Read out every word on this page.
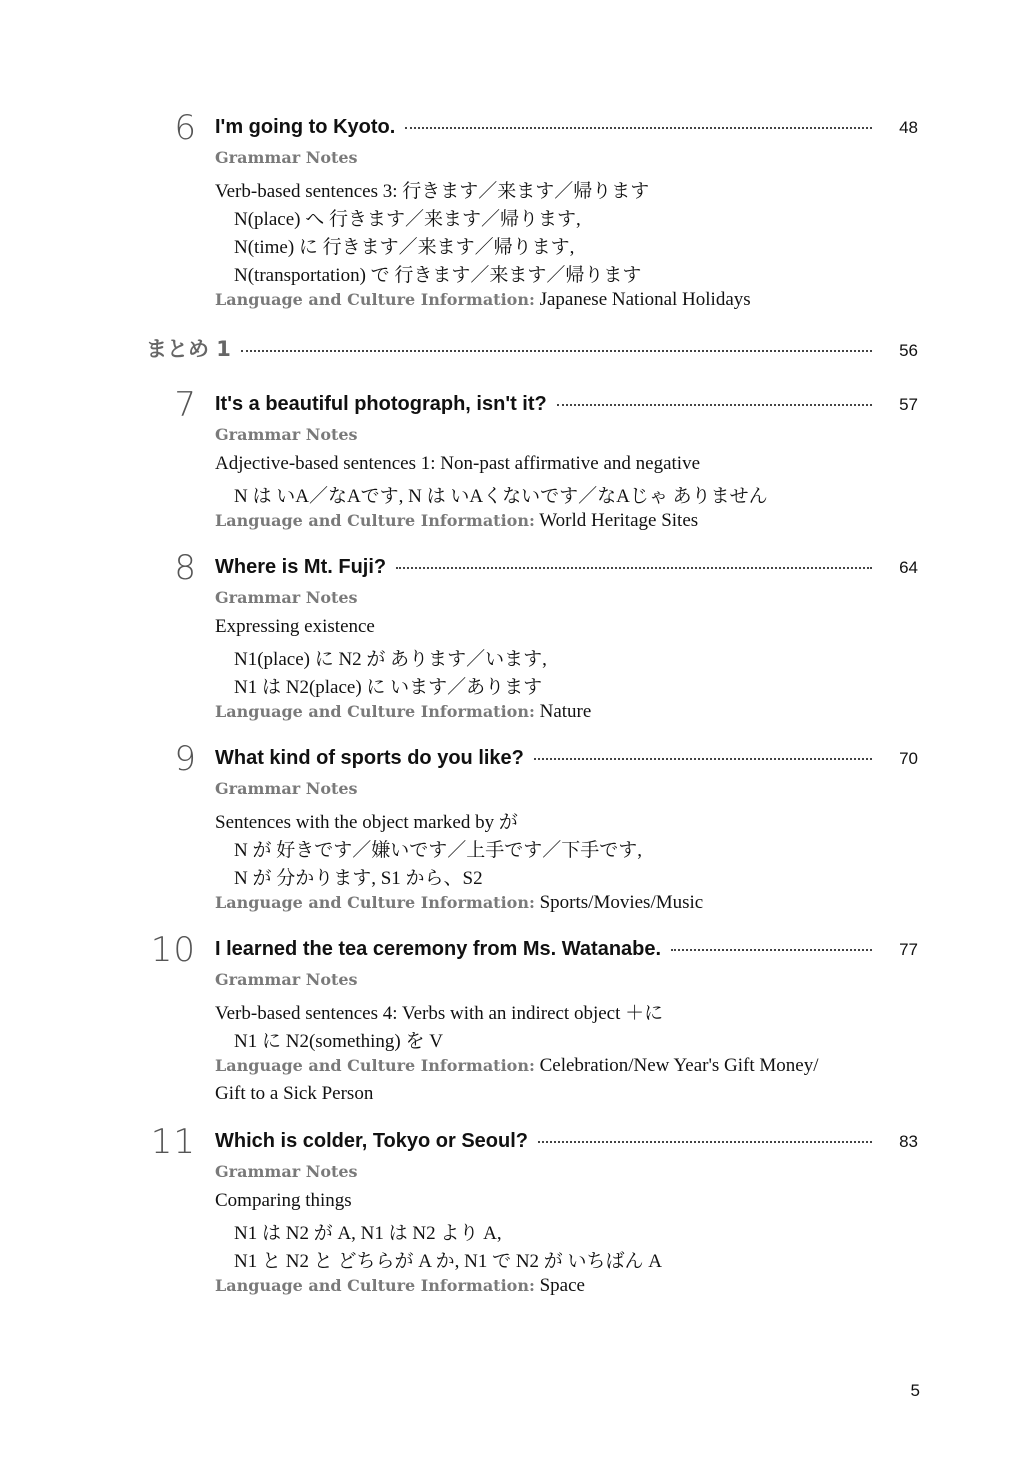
6 I'm going to Kyoto.	48
Grammar Notes
Verb-based sentences 3: 行きます／来ます／帰ります
N(place) へ 行きます／来ます／帰ります,
N(time) に 行きます／来ます／帰ります,
N(transportation) で 行きます／来ます／帰ります
Language and Culture Information: Japanese National Holidays
まとめ 1	56
7 It's a beautiful photograph, isn't it?	57
Grammar Notes
Adjective-based sentences 1: Non-past affirmative and negative
N は いA／なAです, N は いAくないです／なAじゃ ありません
Language and Culture Information: World Heritage Sites
8 Where is Mt. Fuji?	64
Grammar Notes
Expressing existence
N1(place) に N2 が あります／います,
N1 は N2(place) に います／あります
Language and Culture Information: Nature
9 What kind of sports do you like?	70
Grammar Notes
Sentences with the object marked by が
N が 好きです／嫌いです／上手です／下手です,
N が 分かります, S1 から、S2
Language and Culture Information: Sports/Movies/Music
10 I learned the tea ceremony from Ms. Watanabe.	77
Grammar Notes
Verb-based sentences 4: Verbs with an indirect object ＋に
N1 に N2(something) を V
Language and Culture Information: Celebration/New Year's Gift Money/
Gift to a Sick Person
11 Which is colder, Tokyo or Seoul?	83
Grammar Notes
Comparing things
N1 は N2 が A, N1 は N2 より A,
N1 と N2 と どちらが A か, N1 で N2 が いちばん A
Language and Culture Information: Space
5
